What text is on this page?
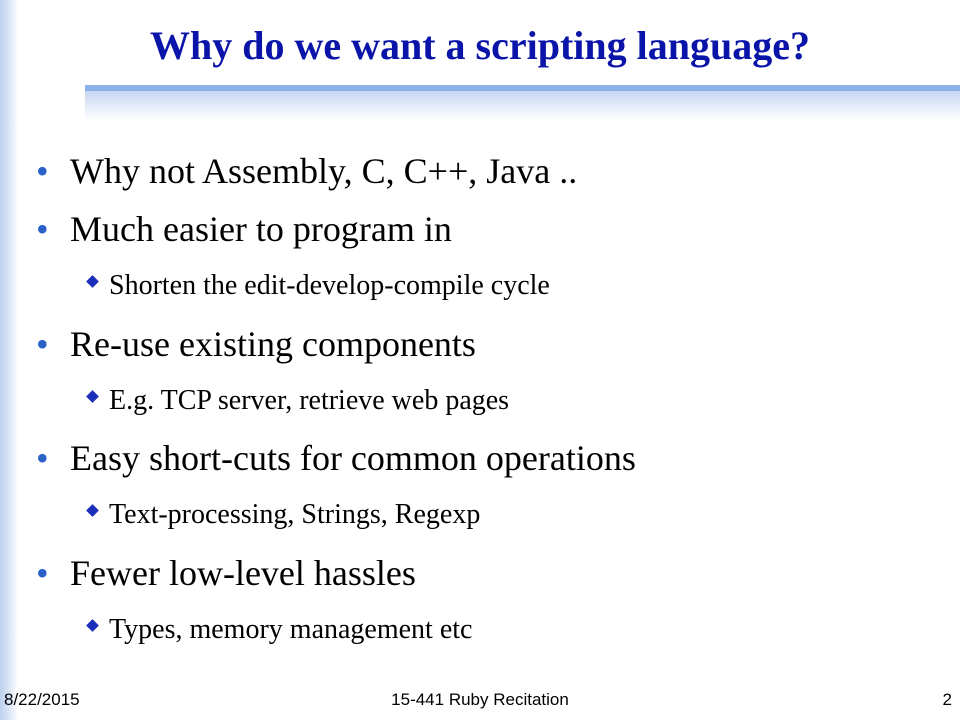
Why do we want a scripting language?
• Why not Assembly, C, C++, Java ..
• Much easier to program in
Shorten the edit-develop-compile cycle
• Re-use existing components
E.g. TCP server, retrieve web pages
• Easy short-cuts for common operations
Text-processing, Strings, Regexp
• Fewer low-level hassles
Types, memory management etc
8/22/2015	15-441 Ruby Recitation	2
